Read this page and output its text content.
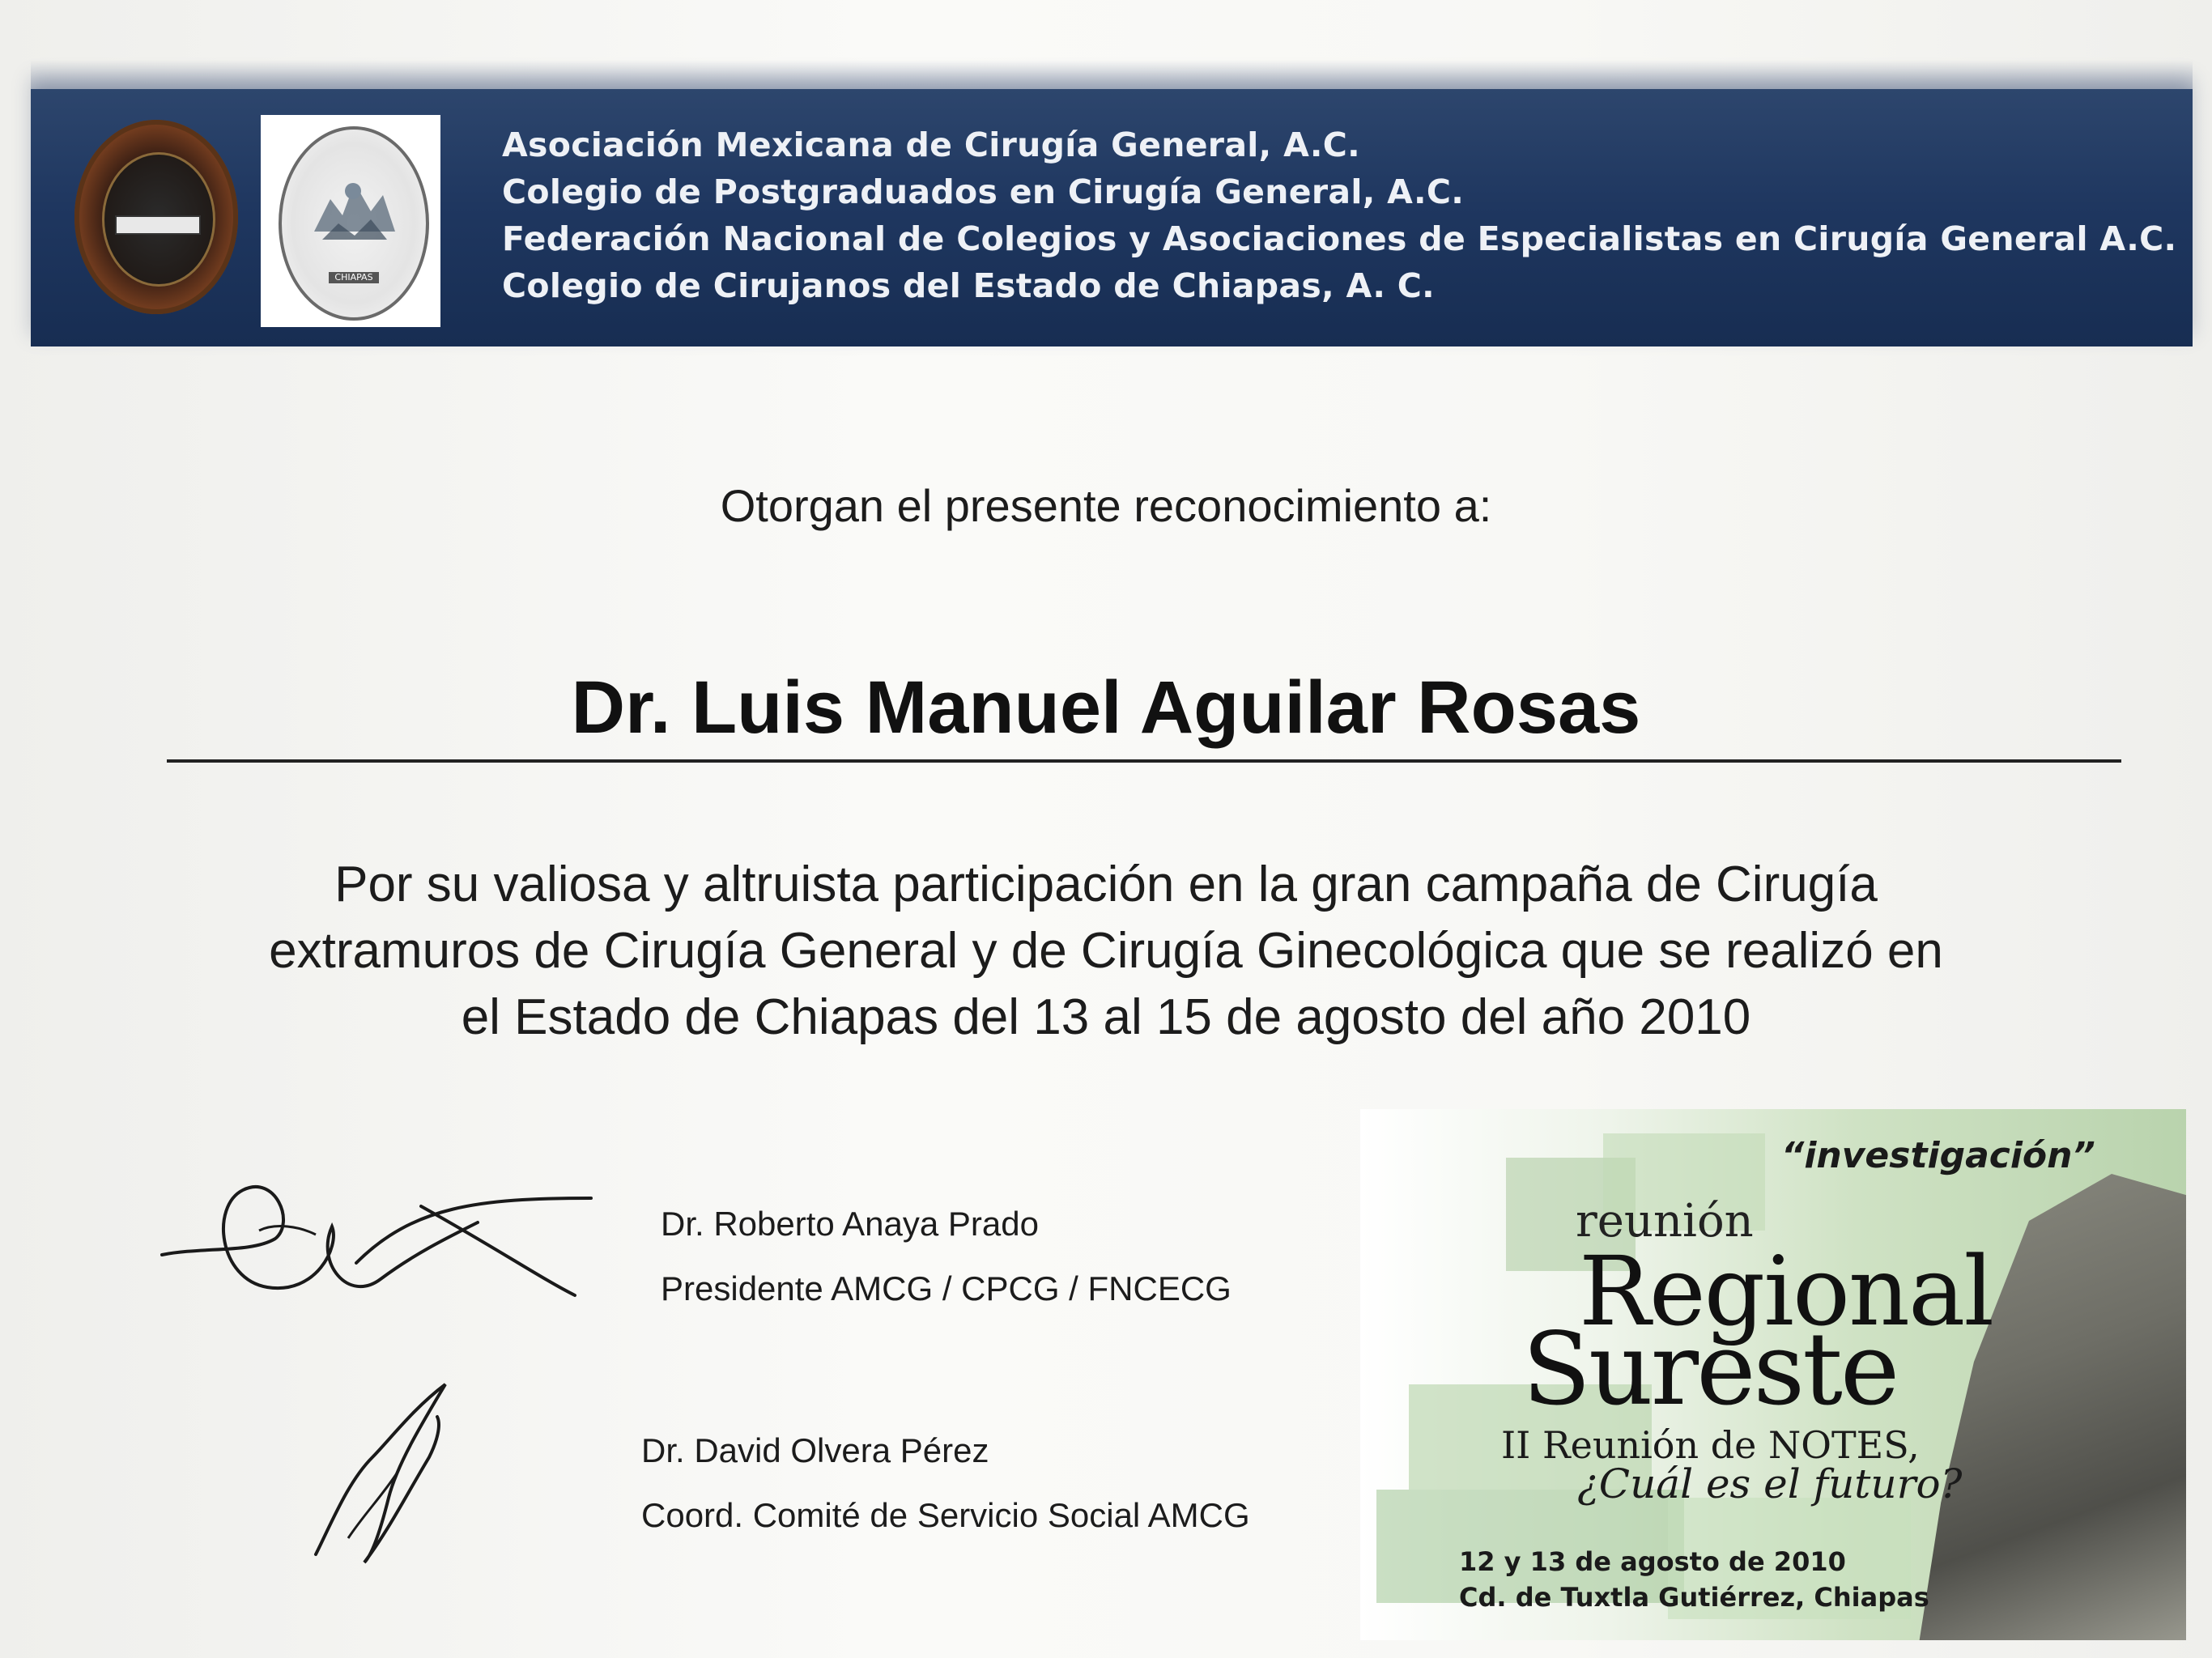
CHIAPAS
Asociación Mexicana de Cirugía General, A.C.
Colegio de Postgraduados en Cirugía General, A.C.
Federación Nacional de Colegios y Asociaciones de Especialistas en Cirugía General A.C.
Colegio de Cirujanos del Estado de Chiapas, A. C.
Otorgan el presente reconocimiento a:
Dr. Luis Manuel Aguilar Rosas
Por su valiosa y altruista participación en la gran campaña de Cirugía
extramuros de Cirugía General y de Cirugía Ginecológica que se realizó en
el Estado de Chiapas del 13 al 15 de agosto del año 2010
Dr. Roberto Anaya Prado
Presidente AMCG / CPCG / FNCECG
Dr. David Olvera Pérez
Coord. Comité de Servicio Social AMCG
“investigación”
reunión
Regional
Sureste
II Reunión de NOTES,
¿Cuál es el futuro?
12 y 13 de agosto de 2010
Cd. de Tuxtla Gutiérrez, Chiapas
